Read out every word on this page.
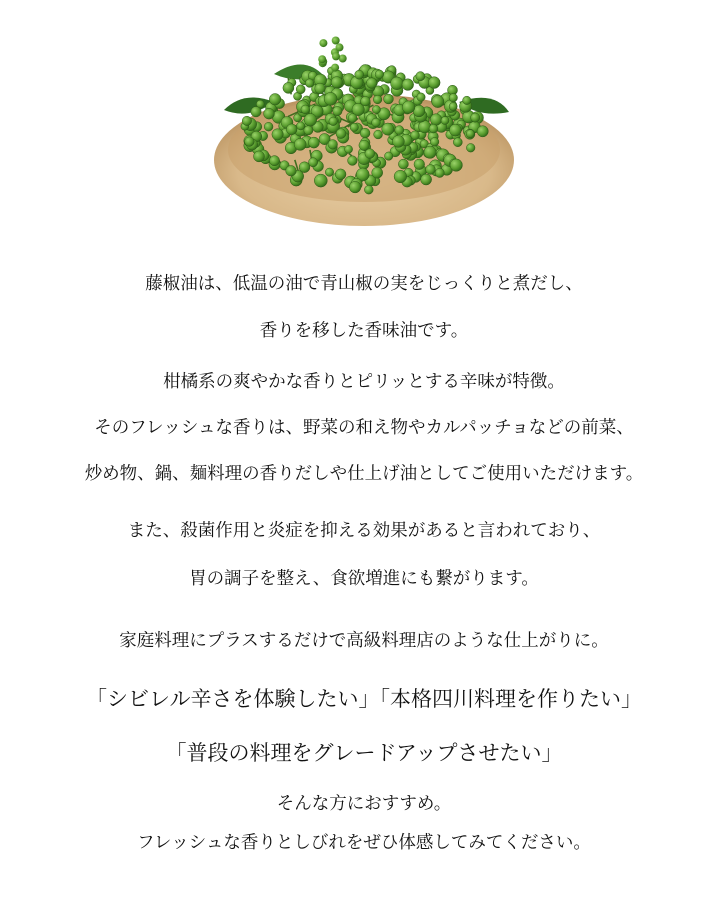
藤椒油は、低温の油で青山椒の実をじっくりと煮だし、
香りを移した香味油です。
柑橘系の爽やかな香りとピリッとする辛味が特徴。
そのフレッシュな香りは、野菜の和え物やカルパッチョなどの前菜、
炒め物、鍋、麺料理の香りだしや仕上げ油としてご使用いただけます。
また、殺菌作用と炎症を抑える効果があると言われており、
胃の調子を整え、食欲増進にも繋がります。
家庭料理にプラスするだけで高級料理店のような仕上がりに。
「シビレル辛さを体験したい」「本格四川料理を作りたい」
「普段の料理をグレードアップさせたい」
そんな方におすすめ。
フレッシュな香りとしびれをぜひ体感してみてください。
